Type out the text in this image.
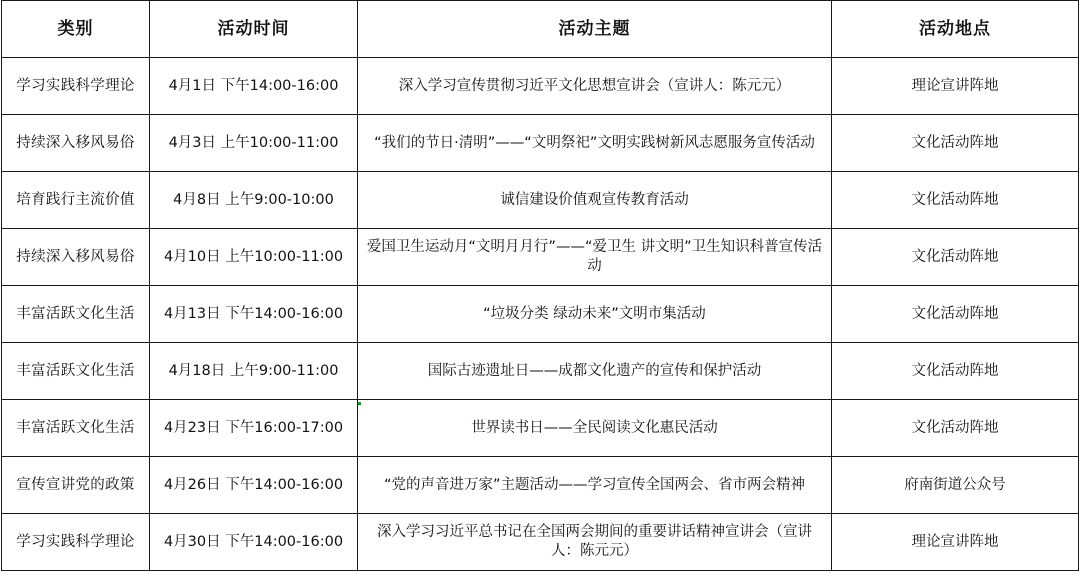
类别	活动时间	活动主题	活动地点
学习实践科学理论	4月1日 下午14:00-16:00	深入学习宣传贯彻习近平文化思想宣讲会（宣讲人：陈元元）	理论宣讲阵地
持续深入移风易俗	4月3日 上午10:00-11:00	“我们的节日·清明”——“文明祭祀”文明实践树新风志愿服务宣传活动	文化活动阵地
培育践行主流价值	4月8日 上午9:00-10:00	诚信建设价值观宣传教育活动	文化活动阵地
持续深入移风易俗	4月10日 上午10:00-11:00	爱国卫生运动月“文明月月行”——“爱卫生 讲文明”卫生知识科普宣传活动	文化活动阵地
丰富活跃文化生活	4月13日 下午14:00-16:00	“垃圾分类 绿动未来”文明市集活动	文化活动阵地
丰富活跃文化生活	4月18日 上午9:00-11:00	国际古迹遗址日——成都文化遗产的宣传和保护活动	文化活动阵地
丰富活跃文化生活	4月23日 下午16:00-17:00	世界读书日——全民阅读文化惠民活动	文化活动阵地
宣传宣讲党的政策	4月26日 下午14:00-16:00	“党的声音进万家”主题活动——学习宣传全国两会、省市两会精神	府南街道公众号
学习实践科学理论	4月30日 下午14:00-16:00	深入学习习近平总书记在全国两会期间的重要讲话精神宣讲会（宣讲人：陈元元）	理论宣讲阵地
